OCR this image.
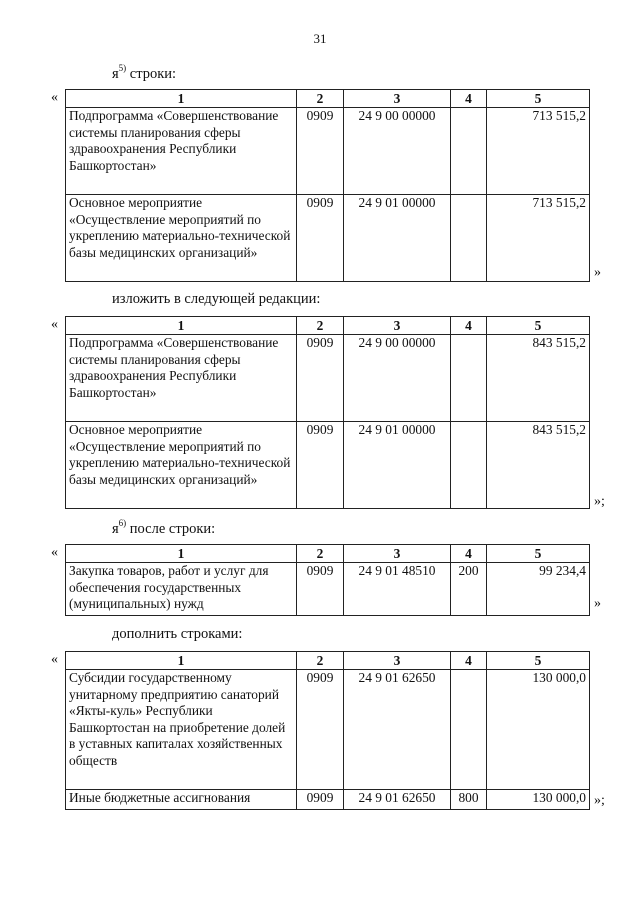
31
$я^{5)}$ строки:
«	1	2	3	4	5
Подпрограмма «Совершенствование системы планирования сферы здравоохранения Республики Башкортостан»	0909	24 9 00 00000		713 515,2
Основное мероприятие «Осуществление мероприятий по укреплению материально-технической базы медицинских организаций»	0909	24 9 01 00000		713 515,2
»
изложить в следующей редакции:
«	1	2	3	4	5
Подпрограмма «Совершенствование системы планирования сферы здравоохранения Республики Башкортостан»	0909	24 9 00 00000		843 515,2
Основное мероприятие «Осуществление мероприятий по укреплению материально-технической базы медицинских организаций»	0909	24 9 01 00000		843 515,2
»;
$я^{6)}$ после строки:
«	1	2	3	4	5
Закупка товаров, работ и услуг для обеспечения государственных (муниципальных) нужд	0909	24 9 01 48510	200	99 234,4
»
дополнить строками:
«	1	2	3	4	5
Субсидии государственному унитарному предприятию санаторий «Якты-куль» Республики Башкортостан на приобретение долей в уставных капиталах хозяйственных обществ	0909	24 9 01 62650		130 000,0
Иные бюджетные ассигнования	0909	24 9 01 62650	800	130 000,0 »;
